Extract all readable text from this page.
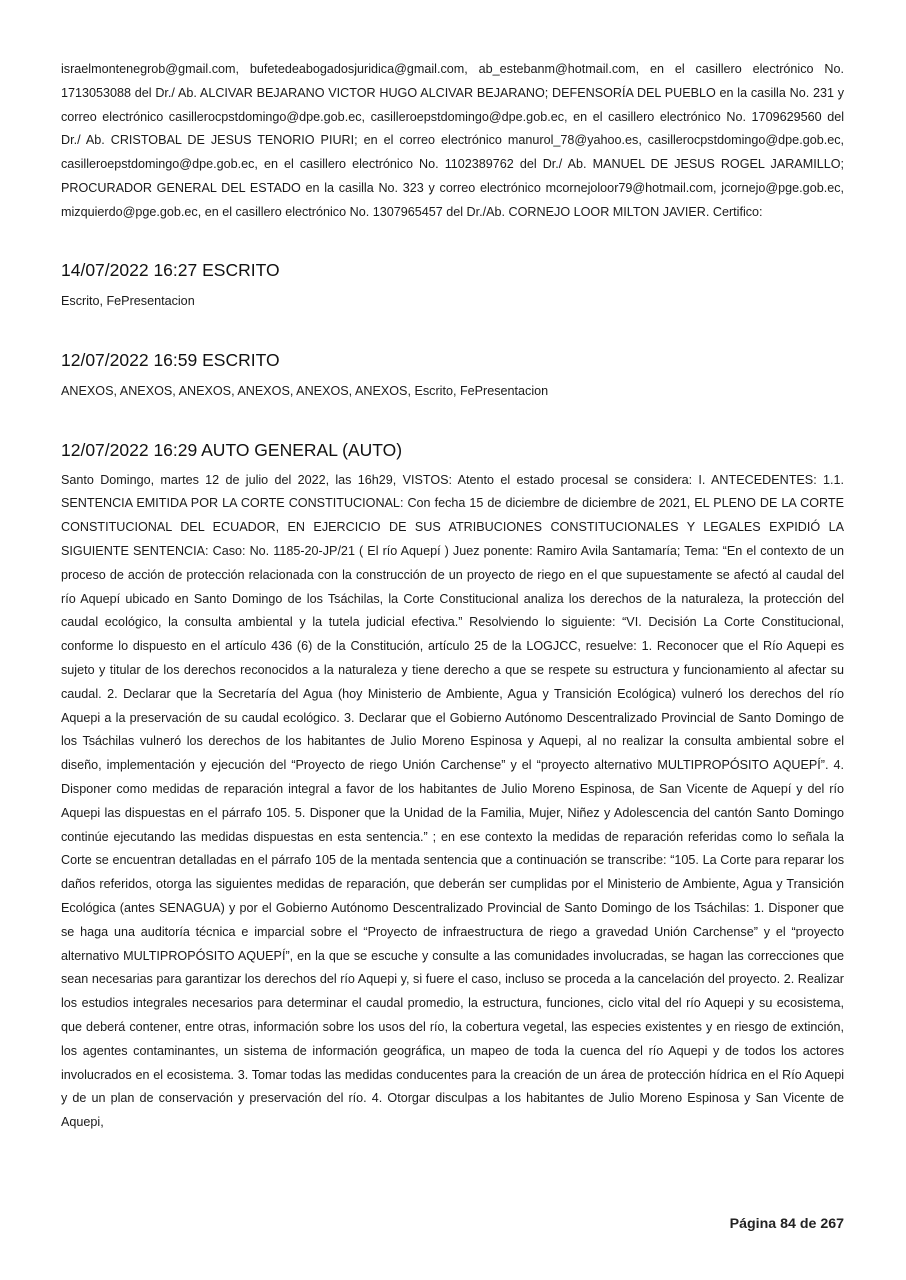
israelmontenegrob@gmail.com, bufetedeabogadosjuridica@gmail.com, ab_estebanm@hotmail.com, en el casillero electrónico No. 1713053088 del Dr./ Ab. ALCIVAR BEJARANO VICTOR HUGO ALCIVAR BEJARANO; DEFENSORÍA DEL PUEBLO en la casilla No. 231 y correo electrónico casillerocpstdomingo@dpe.gob.ec, casilleroepstdomingo@dpe.gob.ec, en el casillero electrónico No. 1709629560 del Dr./ Ab. CRISTOBAL DE JESUS TENORIO PIURI; en el correo electrónico manurol_78@yahoo.es, casillerocpstdomingo@dpe.gob.ec, casilleroepstdomingo@dpe.gob.ec, en el casillero electrónico No. 1102389762 del Dr./ Ab. MANUEL DE JESUS ROGEL JARAMILLO; PROCURADOR GENERAL DEL ESTADO en la casilla No. 323 y correo electrónico mcornejoloor79@hotmail.com, jcornejo@pge.gob.ec, mizquierdo@pge.gob.ec, en el casillero electrónico No. 1307965457 del Dr./Ab. CORNEJO LOOR MILTON JAVIER. Certifico:

14/07/2022 16:27 ESCRITO

Escrito, FePresentacion

12/07/2022 16:59 ESCRITO

ANEXOS, ANEXOS, ANEXOS, ANEXOS, ANEXOS, ANEXOS, Escrito, FePresentacion

12/07/2022 16:29 AUTO GENERAL (AUTO)

Santo Domingo, martes 12 de julio del 2022, las 16h29, VISTOS: Atento el estado procesal se considera: I. ANTECEDENTES: 1.1. SENTENCIA EMITIDA POR LA CORTE CONSTITUCIONAL: Con fecha 15 de diciembre de diciembre de 2021, EL PLENO DE LA CORTE CONSTITUCIONAL DEL ECUADOR, EN EJERCICIO DE SUS ATRIBUCIONES CONSTITUCIONALES Y LEGALES EXPIDIÓ LA SIGUIENTE SENTENCIA: Caso: No. 1185-20-JP/21 ( El río Aquepí ) Juez ponente: Ramiro Avila Santamaría; Tema: “En el contexto de un proceso de acción de protección relacionada con la construcción de un proyecto de riego en el que supuestamente se afectó al caudal del río Aquepí ubicado en Santo Domingo de los Tsáchilas, la Corte Constitucional analiza los derechos de la naturaleza, la protección del caudal ecológico, la consulta ambiental y la tutela judicial efectiva.” Resolviendo lo siguiente: “VI. Decisión La Corte Constitucional, conforme lo dispuesto en el artículo 436 (6) de la Constitución, artículo 25 de la LOGJCC, resuelve: 1. Reconocer que el Río Aquepi es sujeto y titular de los derechos reconocidos a la naturaleza y tiene derecho a que se respete su estructura y funcionamiento al afectar su caudal. 2. Declarar que la Secretaría del Agua (hoy Ministerio de Ambiente, Agua y Transición Ecológica) vulneró los derechos del río Aquepi a la preservación de su caudal ecológico. 3. Declarar que el Gobierno Autónomo Descentralizado Provincial de Santo Domingo de los Tsáchilas vulneró los derechos de los habitantes de Julio Moreno Espinosa y Aquepi, al no realizar la consulta ambiental sobre el diseño, implementación y ejecución del “Proyecto de riego Unión Carchense” y el “proyecto alternativo MULTIPROPÓSITO AQUEPÍ”. 4. Disponer como medidas de reparación integral a favor de los habitantes de Julio Moreno Espinosa, de San Vicente de Aquepí y del río Aquepi las dispuestas en el párrafo 105. 5. Disponer que la Unidad de la Familia, Mujer, Niñez y Adolescencia del cantón Santo Domingo continúe ejecutando las medidas dispuestas en esta sentencia.” ; en ese contexto la medidas de reparación referidas como lo señala la Corte se encuentran detalladas en el párrafo 105 de la mentada sentencia que a continuación se transcribe: “105. La Corte para reparar los daños referidos, otorga las siguientes medidas de reparación, que deberán ser cumplidas por el Ministerio de Ambiente, Agua y Transición Ecológica (antes SENAGUA) y por el Gobierno Autónomo Descentralizado Provincial de Santo Domingo de los Tsáchilas: 1. Disponer que se haga una auditoría técnica e imparcial sobre el “Proyecto de infraestructura de riego a gravedad Unión Carchense” y el “proyecto alternativo MULTIPROPÓSITO AQUEPÍ”, en la que se escuche y consulte a las comunidades involucradas, se hagan las correcciones que sean necesarias para garantizar los derechos del río Aquepi y, si fuere el caso, incluso se proceda a la cancelación del proyecto. 2. Realizar los estudios integrales necesarios para determinar el caudal promedio, la estructura, funciones, ciclo vital del río Aquepi y su ecosistema, que deberá contener, entre otras, información sobre los usos del río, la cobertura vegetal, las especies existentes y en riesgo de extinción, los agentes contaminantes, un sistema de información geográfica, un mapeo de toda la cuenca del río Aquepi y de todos los actores involucrados en el ecosistema. 3. Tomar todas las medidas conducentes para la creación de un área de protección hídrica en el Río Aquepi y de un plan de conservación y preservación del río. 4. Otorgar disculpas a los habitantes de Julio Moreno Espinosa y San Vicente de Aquepi,

Página 84 de 267
